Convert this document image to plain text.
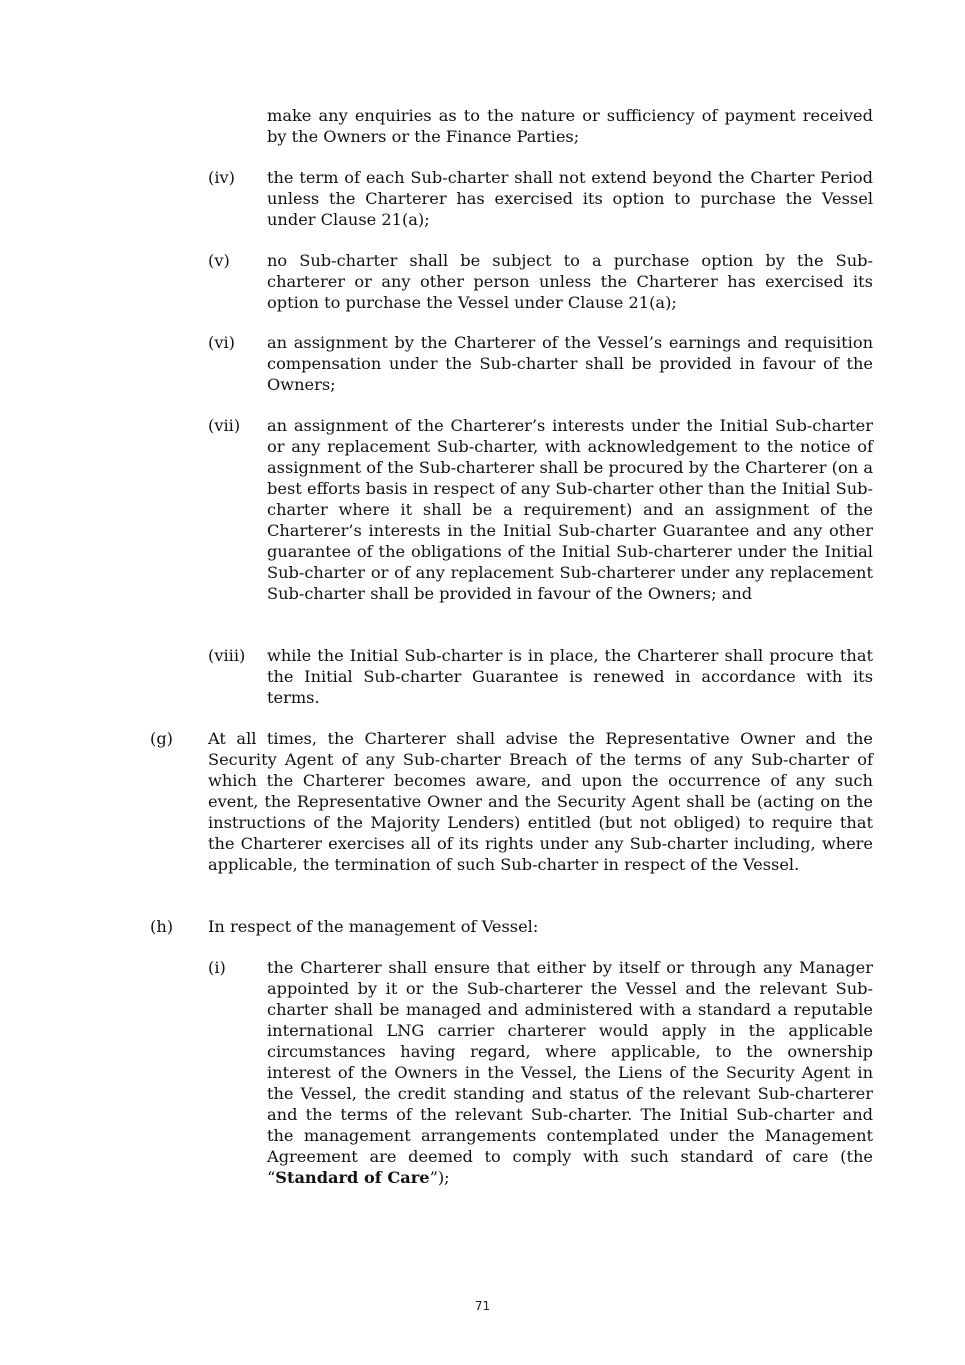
make any enquiries as to the nature or sufficiency of payment received by the Owners or the Finance Parties;
(iv) the term of each Sub-charter shall not extend beyond the Charter Period unless the Charterer has exercised its option to purchase the Vessel under Clause 21(a);
(v) no Sub-charter shall be subject to a purchase option by the Sub-charterer or any other person unless the Charterer has exercised its option to purchase the Vessel under Clause 21(a);
(vi) an assignment by the Charterer of the Vessel’s earnings and requisition compensation under the Sub-charter shall be provided in favour of the Owners;
(vii) an assignment of the Charterer’s interests under the Initial Sub-charter or any replacement Sub-charter, with acknowledgement to the notice of assignment of the Sub-charterer shall be procured by the Charterer (on a best efforts basis in respect of any Sub-charter other than the Initial Sub-charter where it shall be a requirement) and an assignment of the Charterer’s interests in the Initial Sub-charter Guarantee and any other guarantee of the obligations of the Initial Sub-charterer under the Initial Sub-charter or of any replacement Sub-charterer under any replacement Sub-charter shall be provided in favour of the Owners; and
(viii) while the Initial Sub-charter is in place, the Charterer shall procure that the Initial Sub-charter Guarantee is renewed in accordance with its terms.
(g) At all times, the Charterer shall advise the Representative Owner and the Security Agent of any Sub-charter Breach of the terms of any Sub-charter of which the Charterer becomes aware, and upon the occurrence of any such event, the Representative Owner and the Security Agent shall be (acting on the instructions of the Majority Lenders) entitled (but not obliged) to require that the Charterer exercises all of its rights under any Sub-charter including, where applicable, the termination of such Sub-charter in respect of the Vessel.
(h) In respect of the management of Vessel:
(i)	the Charterer shall ensure that either by itself or through any Manager appointed by it or the Sub-charterer the Vessel and the relevant Sub-charter shall be managed and administered with a standard a reputable international LNG carrier charterer would apply in the applicable circumstances having regard, where applicable, to the ownership interest of the Owners in the Vessel, the Liens of the Security Agent in the Vessel, the credit standing and status of the relevant Sub-charterer and the terms of the relevant Sub-charter. The Initial Sub-charter and the management arrangements contemplated under the Management Agreement are deemed to comply with such standard of care (the “Standard of Care”);
71
